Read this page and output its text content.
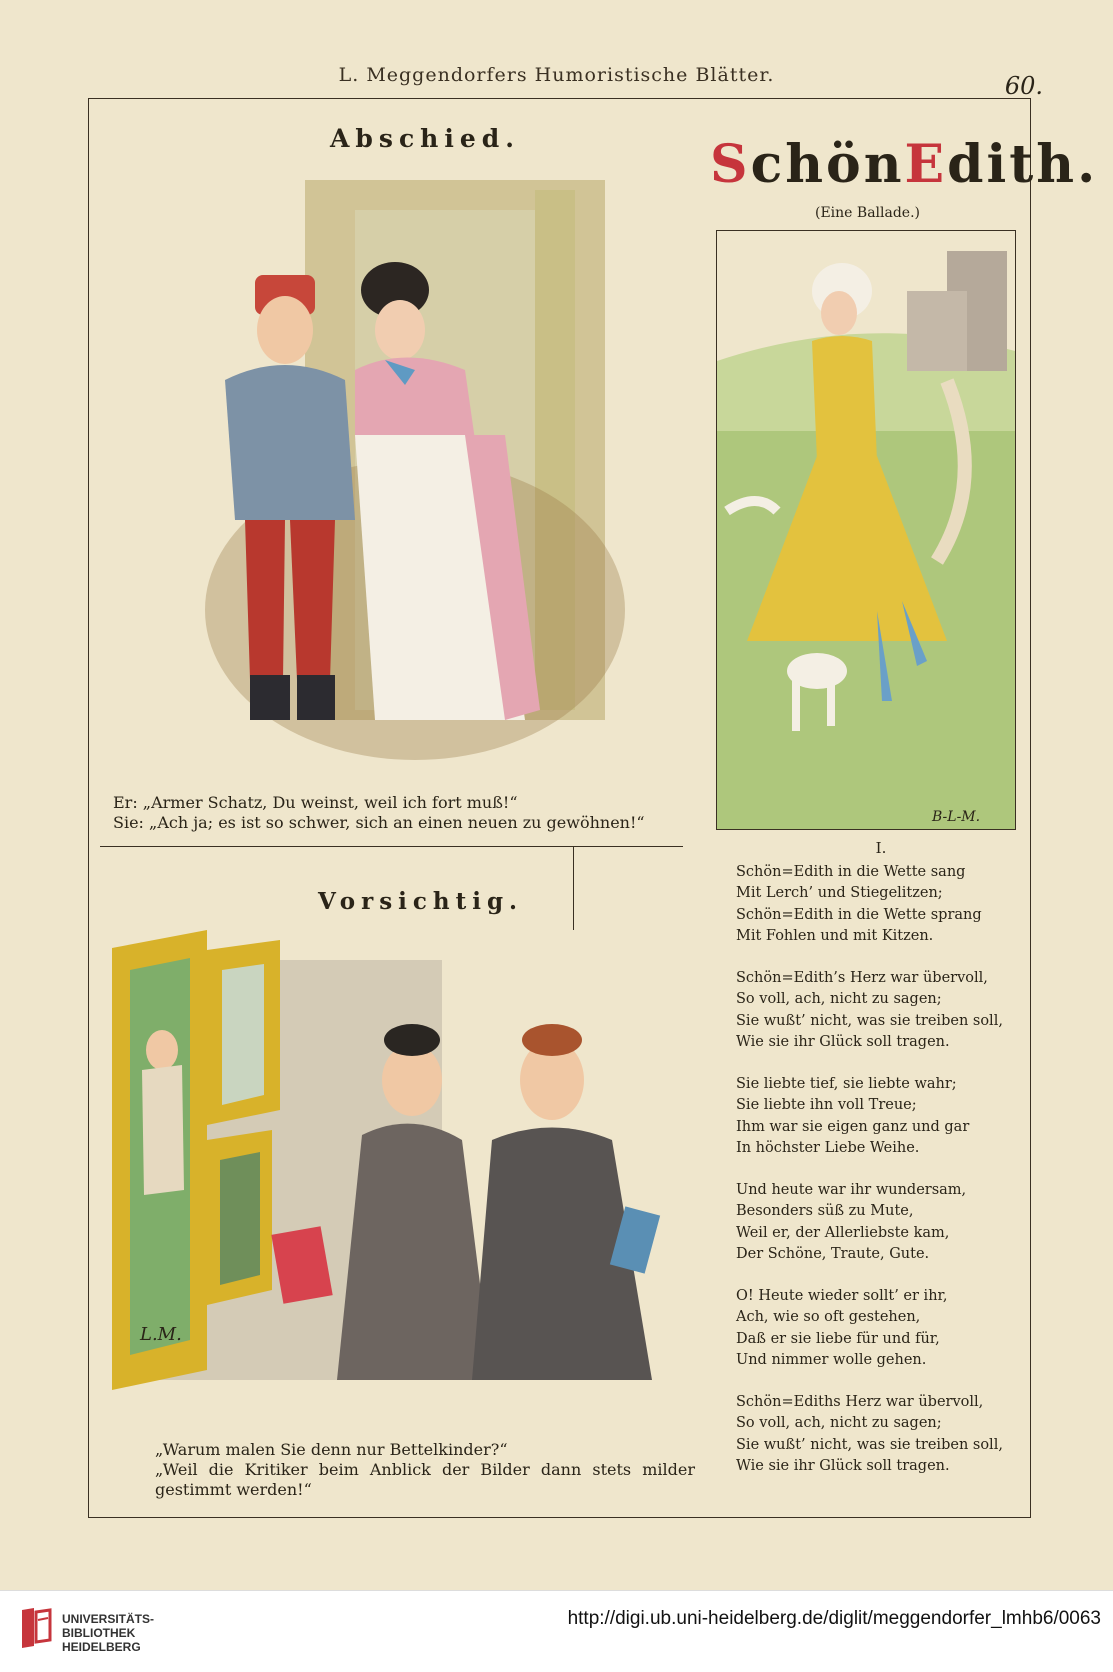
L. Meggendorfers Humoristische Blätter.	60.
Abschied.
Er: „Armer Schatz, Du weinst, weil ich fort muß!“
Sie: „Ach ja; es ist so schwer, sich an einen neuen zu gewöhnen!“
Vorsichtig.
L.M.
„Warum malen Sie denn nur Bettelkinder?“
„Weil die Kritiker beim Anblick der Bilder dann stets milder gestimmt werden!“
SchönEdith.
(Eine Ballade.)
B-L-M.
I.
Schön=Edith in die Wette sang
Mit Lerch’ und Stiegelitzen;
Schön=Edith in die Wette sprang
Mit Fohlen und mit Kitzen.
Schön=Edith’s Herz war übervoll,
So voll, ach, nicht zu sagen;
Sie wußt’ nicht, was sie treiben soll,
Wie sie ihr Glück soll tragen.
Sie liebte tief, sie liebte wahr;
Sie liebte ihn voll Treue;
Ihm war sie eigen ganz und gar
In höchster Liebe Weihe.
Und heute war ihr wundersam,
Besonders süß zu Mute,
Weil er, der Allerliebste kam,
Der Schöne, Traute, Gute.
O! Heute wieder sollt’ er ihr,
Ach, wie so oft gestehen,
Daß er sie liebe für und für,
Und nimmer wolle gehen.
Schön=Ediths Herz war übervoll,
So voll, ach, nicht zu sagen;
Sie wußt’ nicht, was sie treiben soll,
Wie sie ihr Glück soll tragen.
UNIVERSITÄTS-
BIBLIOTHEK
HEIDELBERG
http://digi.ub.uni-heidelberg.de/diglit/meggendorfer_lmhb6/0063
